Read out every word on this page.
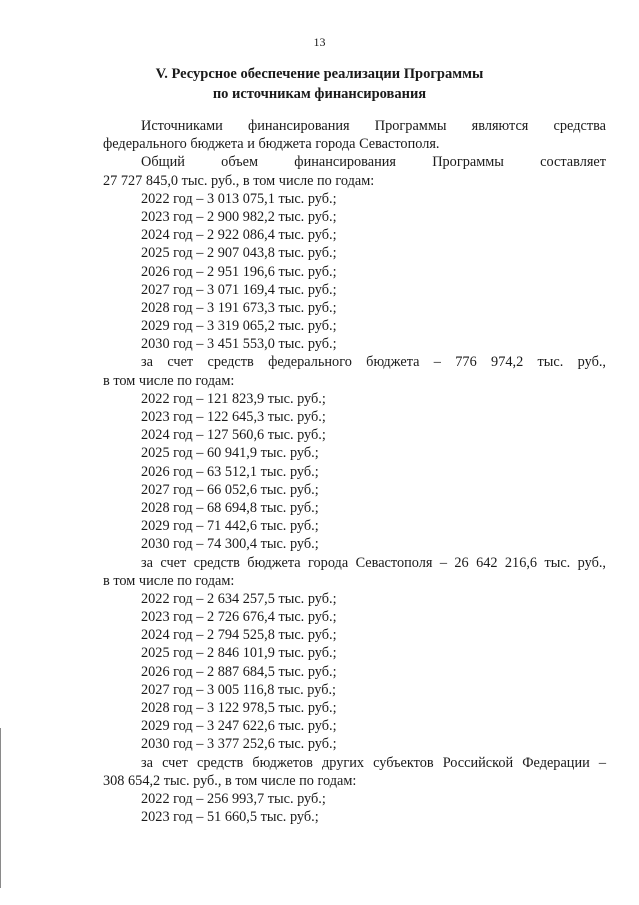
13
V. Ресурсное обеспечение реализации Программы
по источникам финансирования
Источниками финансирования Программы являются средства
федерального бюджета и бюджета города Севастополя.
Общий объем финансирования Программы составляет
27 727 845,0 тыс. руб., в том числе по годам:
2022 год – 3 013 075,1 тыс. руб.;
2023 год – 2 900 982,2 тыс. руб.;
2024 год – 2 922 086,4 тыс. руб.;
2025 год – 2 907 043,8 тыс. руб.;
2026 год – 2 951 196,6 тыс. руб.;
2027 год – 3 071 169,4 тыс. руб.;
2028 год – 3 191 673,3 тыс. руб.;
2029 год – 3 319 065,2 тыс. руб.;
2030 год – 3 451 553,0 тыс. руб.;
за счет средств федерального бюджета – 776 974,2 тыс. руб.,
в том числе по годам:
2022 год – 121 823,9 тыс. руб.;
2023 год – 122 645,3 тыс. руб.;
2024 год – 127 560,6 тыс. руб.;
2025 год – 60 941,9 тыс. руб.;
2026 год – 63 512,1 тыс. руб.;
2027 год – 66 052,6 тыс. руб.;
2028 год – 68 694,8 тыс. руб.;
2029 год – 71 442,6 тыс. руб.;
2030 год – 74 300,4 тыс. руб.;
за счет средств бюджета города Севастополя – 26 642 216,6 тыс. руб.,
в том числе по годам:
2022 год – 2 634 257,5 тыс. руб.;
2023 год – 2 726 676,4 тыс. руб.;
2024 год – 2 794 525,8 тыс. руб.;
2025 год – 2 846 101,9 тыс. руб.;
2026 год – 2 887 684,5 тыс. руб.;
2027 год – 3 005 116,8 тыс. руб.;
2028 год – 3 122 978,5 тыс. руб.;
2029 год – 3 247 622,6 тыс. руб.;
2030 год – 3 377 252,6 тыс. руб.;
за счет средств бюджетов других субъектов Российской Федерации –
308 654,2 тыс. руб., в том числе по годам:
2022 год – 256 993,7 тыс. руб.;
2023 год – 51 660,5 тыс. руб.;
